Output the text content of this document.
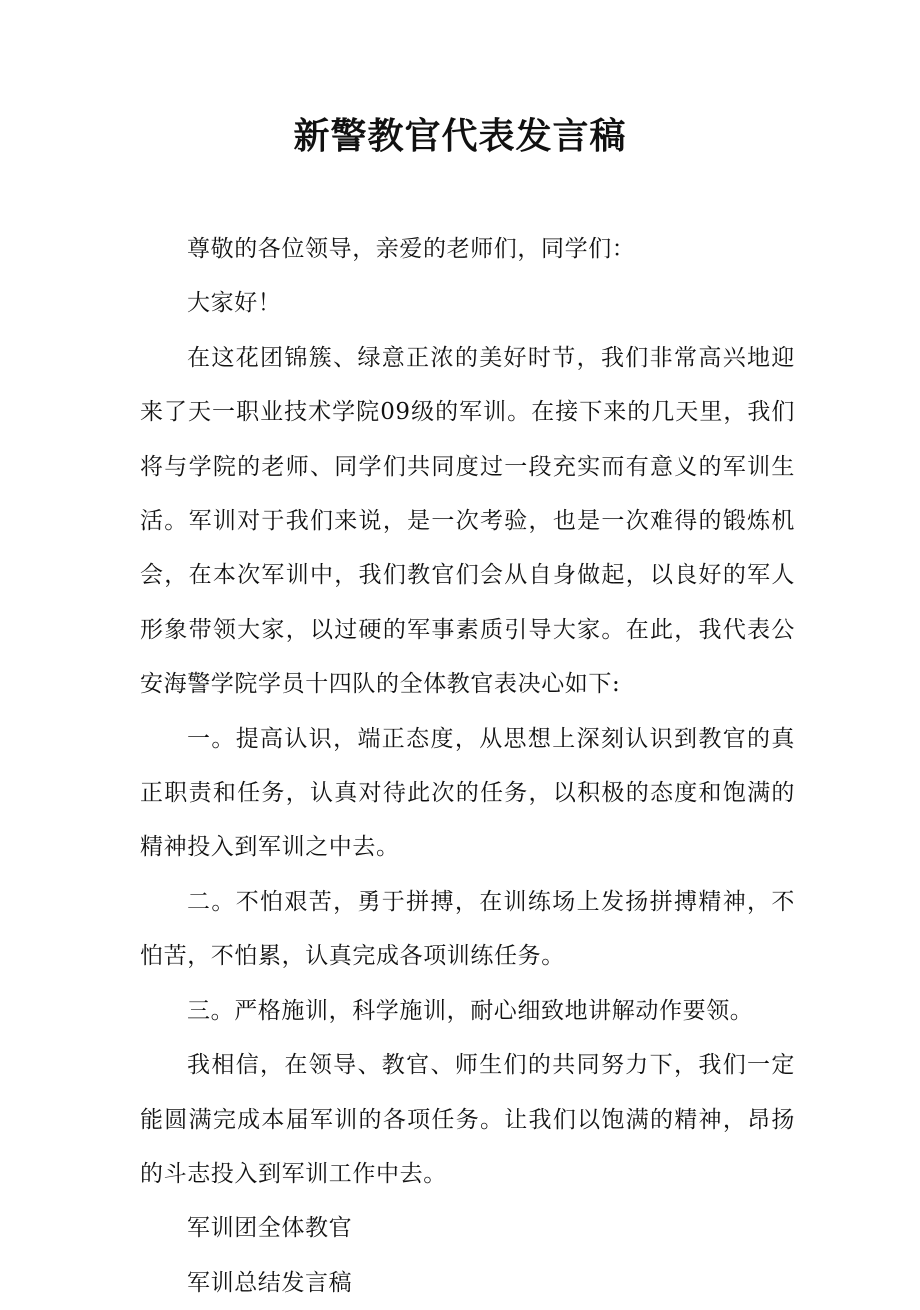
新警教官代表发言稿

尊敬的各位领导，亲爱的老师们，同学们：

大家好！

在这花团锦簇、绿意正浓的美好时节，我们非常高兴地迎来了天一职业技术学院09级的军训。在接下来的几天里，我们将与学院的老师、同学们共同度过一段充实而有意义的军训生活。军训对于我们来说，是一次考验，也是一次难得的锻炼机会，在本次军训中，我们教官们会从自身做起，以良好的军人形象带领大家，以过硬的军事素质引导大家。在此，我代表公安海警学院学员十四队的全体教官表决心如下:

一。提高认识，端正态度，从思想上深刻认识到教官的真正职责和任务，认真对待此次的任务，以积极的态度和饱满的精神投入到军训之中去。

二。不怕艰苦，勇于拼搏，在训练场上发扬拼搏精神，不怕苦，不怕累，认真完成各项训练任务。

三。严格施训，科学施训，耐心细致地讲解动作要领。

我相信，在领导、教官、师生们的共同努力下，我们一定能圆满完成本届军训的各项任务。让我们以饱满的精神，昂扬的斗志投入到军训工作中去。

军训团全体教官

军训总结发言稿
